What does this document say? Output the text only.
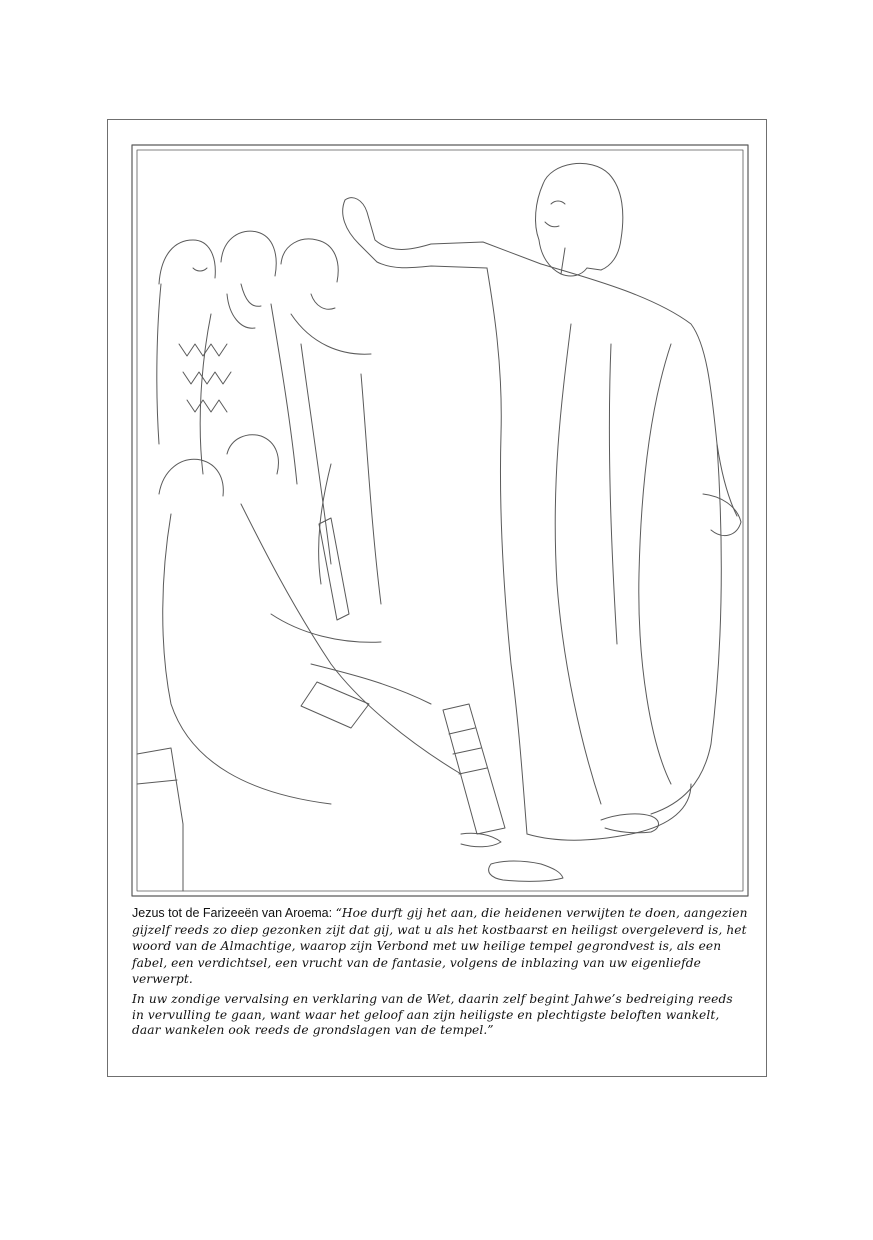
Jezus tot de Farizeeën van Aroema: “Hoe durft gij het aan, die heidenen verwijten te doen, aangezien gijzelf reeds zo diep gezonken zijt dat gij, wat u als het kostbaarst en heiligst overgeleverd is, het woord van de Almachtige, waarop zijn Verbond met uw heilige tempel gegrondvest is, als een fabel, een verdichtsel, een vrucht van de fantasie, volgens de inblazing van uw eigenliefde verwerpt.

In uw zondige vervalsing en verklaring van de Wet, daarin zelf begint Jahwe’s bedreiging reeds in vervulling te gaan, want waar het geloof aan zijn heiligste en plechtigste beloften wankelt, daar wankelen ook reeds de grondslagen van de tempel.”
